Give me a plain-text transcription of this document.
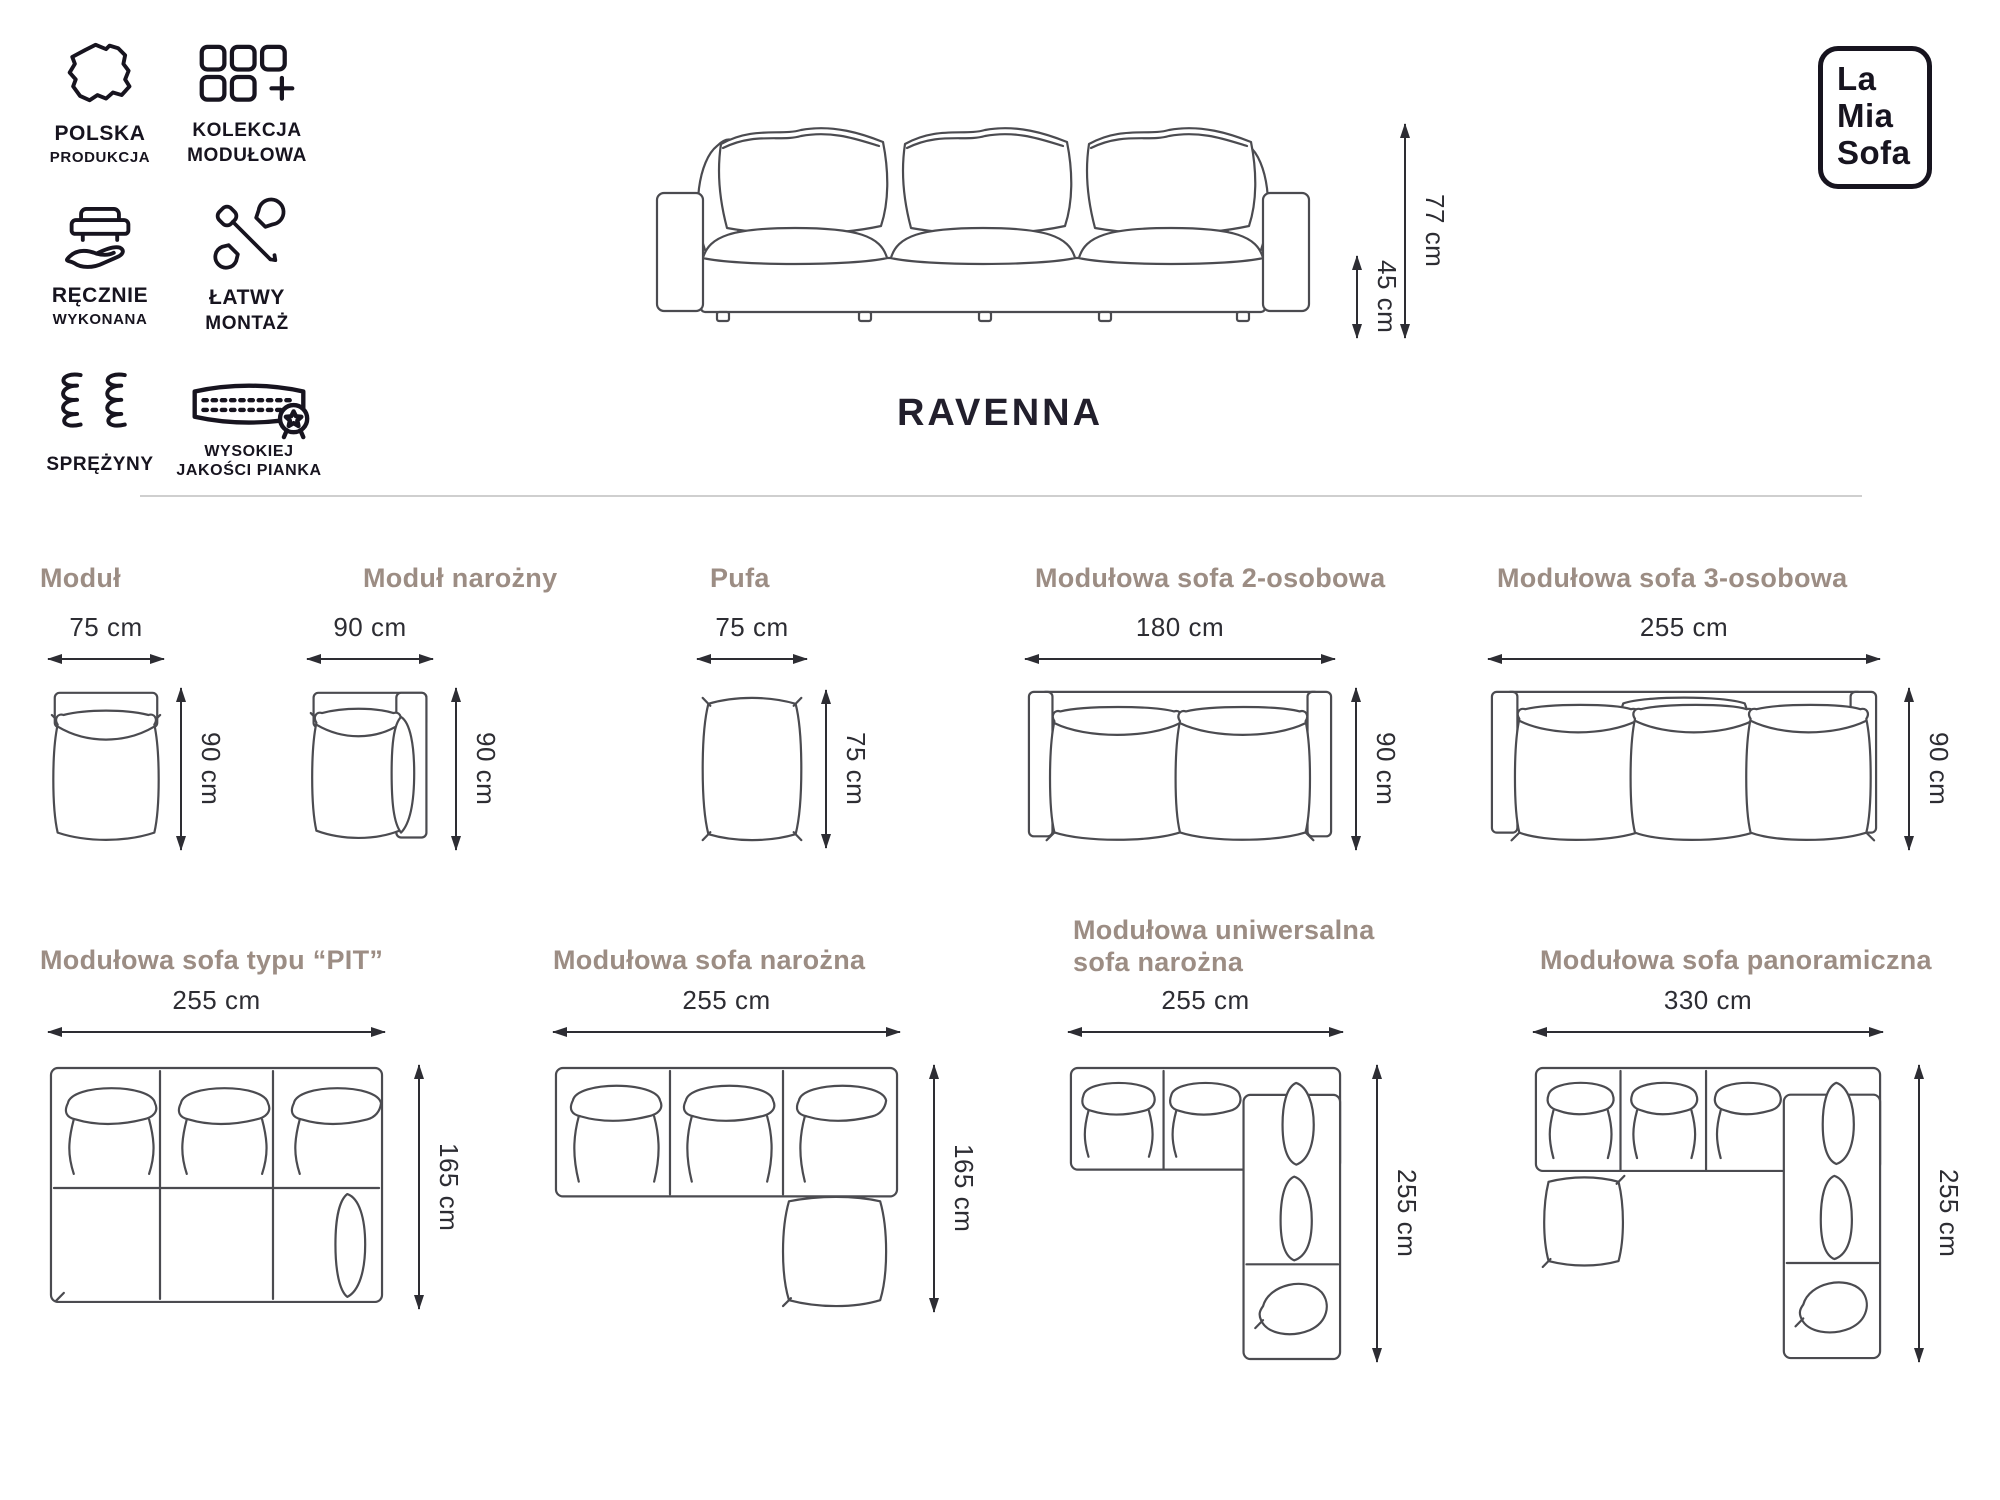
POLSKA
PRODUKCJA
KOLEKCJA
MODUŁOWA
RĘCZNIE
WYKONANA
ŁATWY
MONTAŻ
SPRĘŻYNY
WYSOKIEJ
JAKOŚCI PIANKA
45 cm
77 cm
RAVENNA
La
Mia
Sofa
Moduł
75 cm
90 cm
Moduł narożny
90 cm
90 cm
Pufa
75 cm
75 cm
Modułowa sofa 2-osobowa
180 cm
90 cm
Modułowa sofa 3-osobowa
255 cm
90 cm
Modułowa sofa typu “PIT”
255 cm
165 cm
Modułowa sofa narożna
255 cm
165 cm
Modułowa uniwersalna sofa narożna
255 cm
255 cm
Modułowa sofa panoramiczna
330 cm
255 cm
